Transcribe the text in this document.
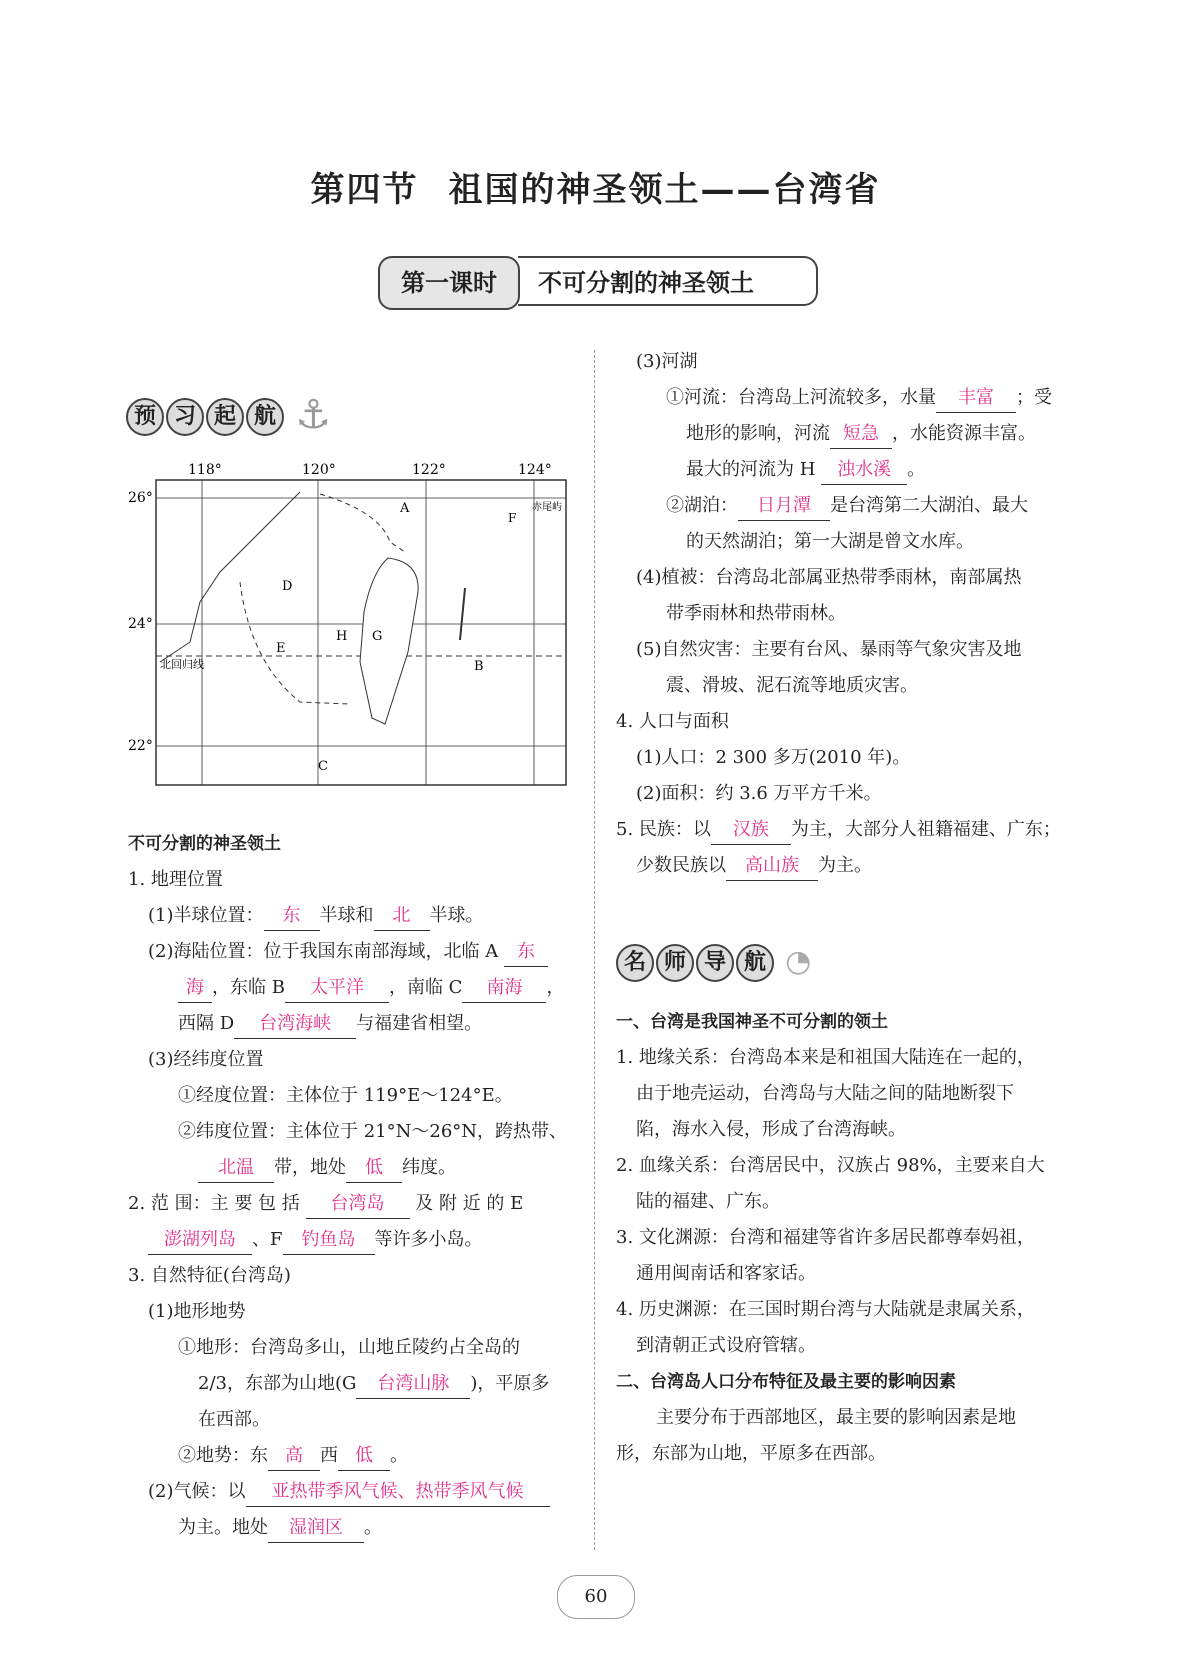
第四节 祖国的神圣领土——台湾省
第一课时	不可分割的神圣领土
预 习 起 航 ⚓
118°	120°	122°	124°
26°
24°
22°
A
B
C
D
E
F
G
H
赤尾屿
北回归线

不可分割的神圣领土

1. 地理位置

(1)半球位置： 东 半球和 北 半球。

(2)海陆位置：位于我国东南部海域，北临 A 东

海 ，东临 B 太平洋 ，南临 C 南海 ，

西隔 D 台湾海峡 与福建省相望。

(3)经纬度位置

①经度位置：主体位于 119°E～124°E。

②纬度位置：主体位于 21°N～26°N，跨热带、

北温 带，地处 低 纬度。

2. 范 围：主 要 包 括 台湾岛 及 附 近 的 E

澎湖列岛 、F 钓鱼岛 等许多小岛。

3. 自然特征(台湾岛)

(1)地形地势

①地形：台湾岛多山，山地丘陵约占全岛的

2/3，东部为山地(G 台湾山脉 )，平原多

在西部。

②地势：东 高 西 低 。

(2)气候：以 亚热带季风气候、热带季风气候

为主。地处 湿润区 。

(3)河湖

①河流：台湾岛上河流较多，水量 丰富 ；受

地形的影响，河流 短急 ，水能资源丰富。

最大的河流为 H 浊水溪 。

②湖泊： 日月潭 是台湾第二大湖泊、最大

的天然湖泊；第一大湖是曾文水库。

(4)植被：台湾岛北部属亚热带季雨林，南部属热

带季雨林和热带雨林。

(5)自然灾害：主要有台风、暴雨等气象灾害及地

震、滑坡、泥石流等地质灾害。

4. 人口与面积

(1)人口：2 300 多万(2010 年)。

(2)面积：约 3.6 万平方千米。

5. 民族：以 汉族 为主，大部分人祖籍福建、广东；

少数民族以 高山族 为主。

名 师 导 航 ◔

一、台湾是我国神圣不可分割的领土

1. 地缘关系：台湾岛本来是和祖国大陆连在一起的，

由于地壳运动，台湾岛与大陆之间的陆地断裂下

陷，海水入侵，形成了台湾海峡。

2. 血缘关系：台湾居民中，汉族占 98%，主要来自大

陆的福建、广东。

3. 文化渊源：台湾和福建等省许多居民都尊奉妈祖，

通用闽南话和客家话。

4. 历史渊源：在三国时期台湾与大陆就是隶属关系，

到清朝正式设府管辖。

二、台湾岛人口分布特征及最主要的影响因素

主要分布于西部地区，最主要的影响因素是地

形，东部为山地，平原多在西部。

60
